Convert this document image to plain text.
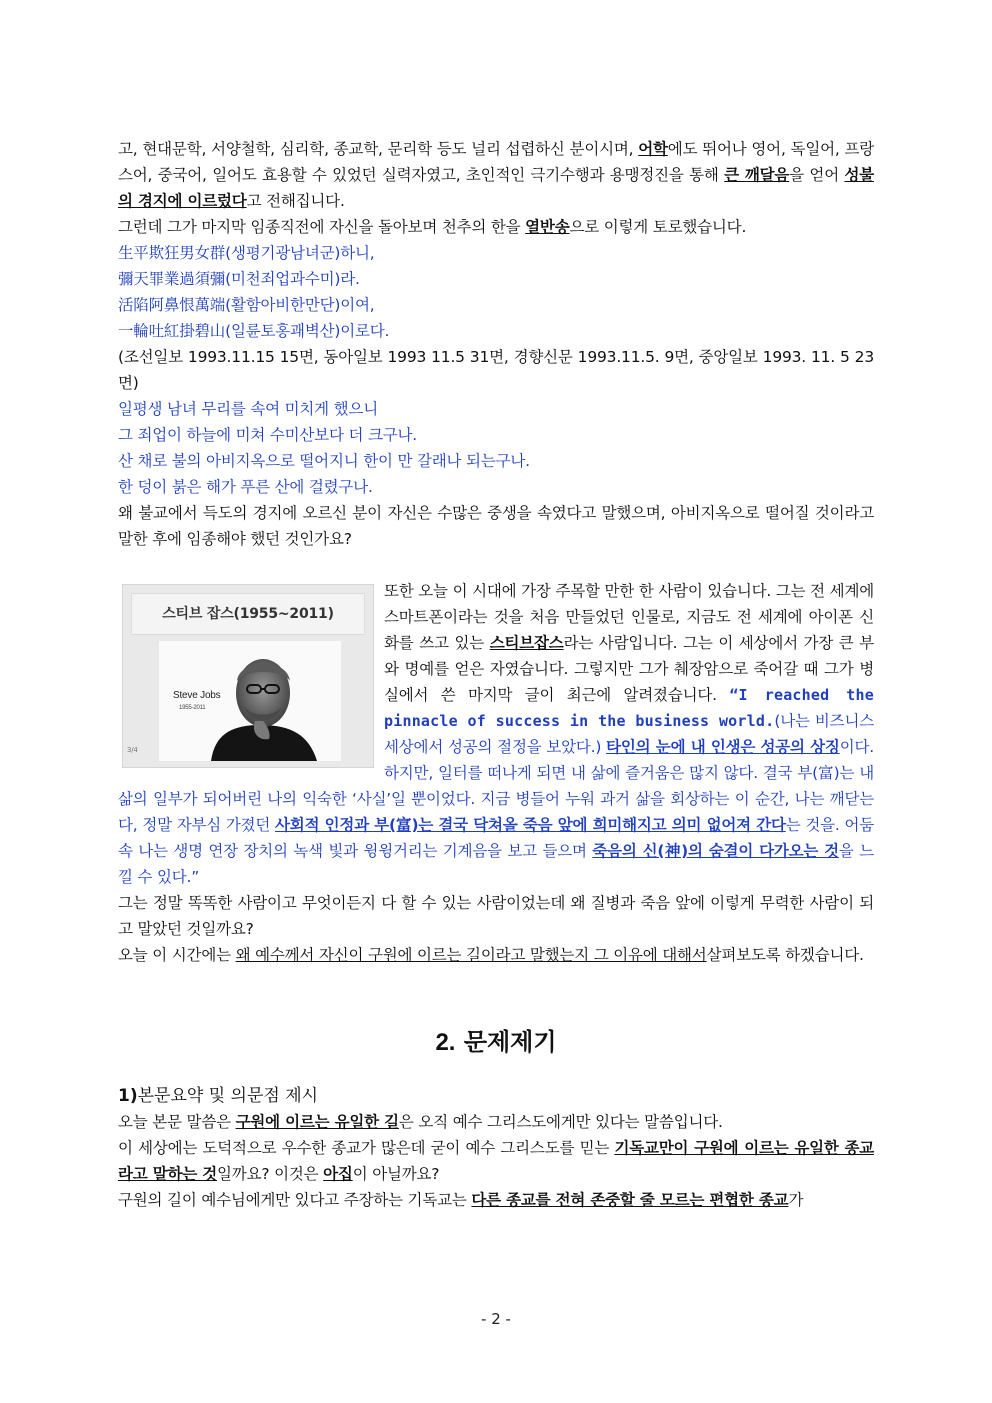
고, 현대문학, 서양철학, 심리학, 종교학, 문리학 등도 널리 섭렵하신 분이시며, 어학에도 뛰어나 영어, 독일어, 프랑스어, 중국어, 일어도 효용할 수 있었던 실력자였고, 초인적인 극기수행과 용맹정진을 통해 큰 깨달음을 얻어 성불의 경지에 이르렀다고 전해집니다.

그런데 그가 마지막 임종직전에 자신을 돌아보며 천추의 한을 열반송으로 이렇게 토로했습니다.

生平欺狂男女群(생평기광남녀군)하니,

彌天罪業過須彌(미천죄업과수미)라.

活陷阿鼻恨萬端(활함아비한만단)이여,

一輪吐紅掛碧山(일륜토홍괘벽산)이로다.

(조선일보 1993.11.15 15면, 동아일보 1993 11.5 31면, 경향신문 1993.11.5. 9면, 중앙일보 1993. 11. 5 23면)

일평생 남녀 무리를 속여 미치게 했으니

그 죄업이 하늘에 미쳐 수미산보다 더 크구나.

산 채로 불의 아비지옥으로 떨어지니 한이 만 갈래나 되는구나.

한 덩이 붉은 해가 푸른 산에 걸렸구나.

왜 불교에서 득도의 경지에 오르신 분이 자신은 수많은 중생을 속였다고 말했으며, 아비지옥으로 떨어질 것이라고 말한 후에 임종해야 했던 것인가요?

스티브 잡스(1955~2011)
Steve Jobs
1955-2011
3/4
또한 오늘 이 시대에 가장 주목할 만한 한 사람이 있습니다. 그는 전 세계에 스마트폰이라는 것을 처음 만들었던 인물로, 지금도 전 세계에 아이폰 신화를 쓰고 있는 스티브잡스라는 사람입니다. 그는 이 세상에서 가장 큰 부와 명예를 얻은 자였습니다. 그렇지만 그가 췌장암으로 죽어갈 때 그가 병실에서 쓴 마지막 글이 최근에 알려졌습니다. “I reached the pinnacle of success in the business world.(나는 비즈니스 세상에서 성공의 절정을 보았다.) 타인의 눈에 내 인생은 성공의 상징이다. 하지만, 일터를 떠나게 되면 내 삶에 즐거움은 많지 않다. 결국 부(富)는 내 삶의 일부가 되어버린 나의 익숙한 ‘사실’일 뿐이었다. 지금 병들어 누워 과거 삶을 회상하는 이 순간, 나는 깨닫는다, 정말 자부심 가졌던 사회적 인정과 부(富)는 결국 닥쳐올 죽음 앞에 희미해지고 의미 없어져 간다는 것을. 어둠 속 나는 생명 연장 장치의 녹색 빛과 윙윙거리는 기계음을 보고 들으며 죽음의 신(神)의 숨결이 다가오는 것을 느낄 수 있다.”

그는 정말 똑똑한 사람이고 무엇이든지 다 할 수 있는 사람이었는데 왜 질병과 죽음 앞에 이렇게 무력한 사람이 되고 말았던 것일까요?

오늘 이 시간에는 왜 예수께서 자신이 구원에 이르는 길이라고 말했는지 그 이유에 대해서살펴보도록 하겠습니다.

2. 문제제기

1)본문요약 및 의문점 제시

오늘 본문 말씀은 구원에 이르는 유일한 길은 오직 예수 그리스도에게만 있다는 말씀입니다.

이 세상에는 도덕적으로 우수한 종교가 많은데 굳이 예수 그리스도를 믿는 기독교만이 구원에 이르는 유일한 종교라고 말하는 것일까요? 이것은 아집이 아닐까요?

구원의 길이 예수님에게만 있다고 주장하는 기독교는 다른 종교를 전혀 존중할 줄 모르는 편협한 종교가

- 2 -
